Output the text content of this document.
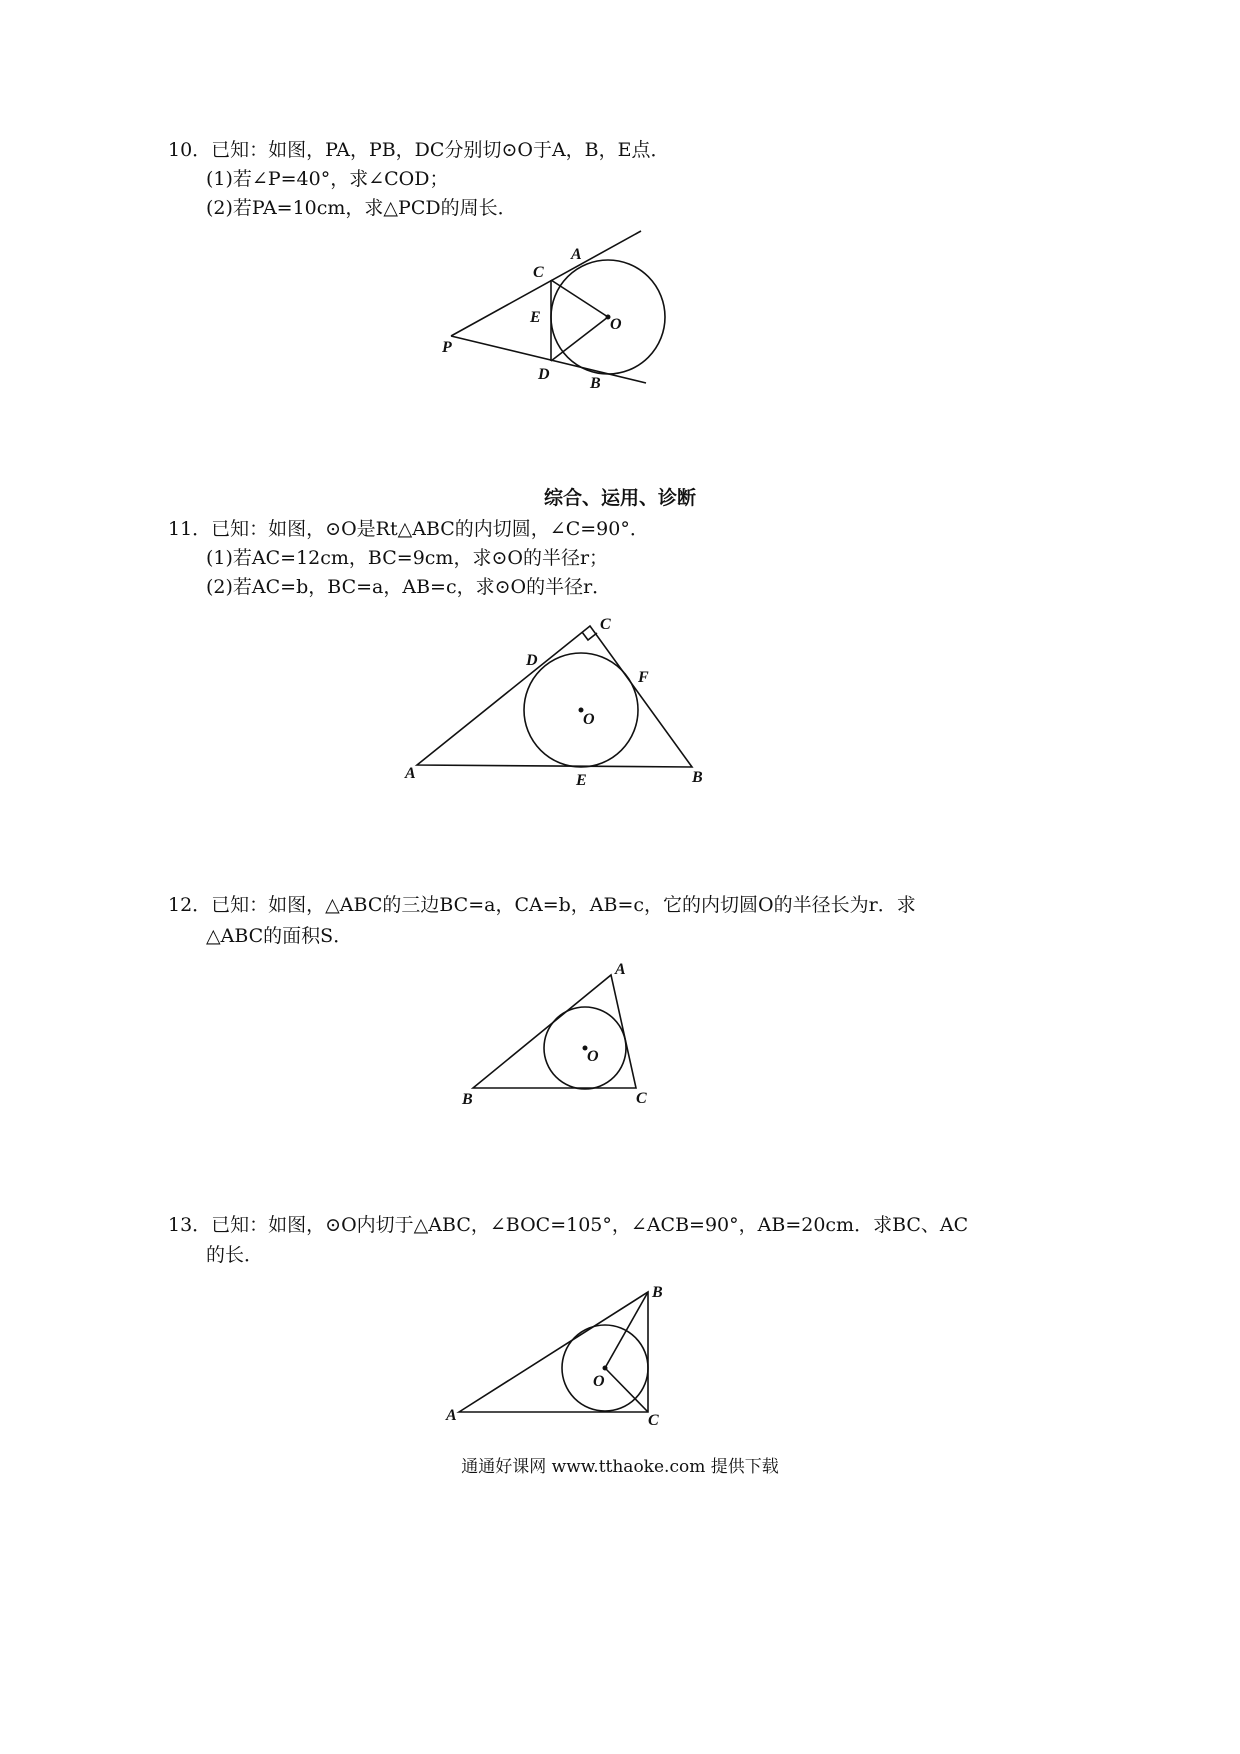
10．已知：如图，PA，PB，DC分别切⊙O于A，B，E点．
(1)若∠P=40°，求∠COD；
(2)若PA=10cm，求△PCD的周长．
C
A
E	O
P
D
B
C
D
F
O
A	E	B
A
O
B	C
B
O
A	C
综合、运用、诊断
11．已知：如图，⊙O是Rt△ABC的内切圆，∠C=90°．
(1)若AC=12cm，BC=9cm，求⊙O的半径r；
(2)若AC=b，BC=a，AB=c，求⊙O的半径r．
12．已知：如图，△ABC的三边BC=a，CA=b，AB=c，它的内切圆O的半径长为r．求
△ABC的面积S．
13．已知：如图，⊙O内切于△ABC，∠BOC=105°，∠ACB=90°，AB=20cm．求BC、AC
的长．
通通好课网 www.tthaoke.com 提供下载
